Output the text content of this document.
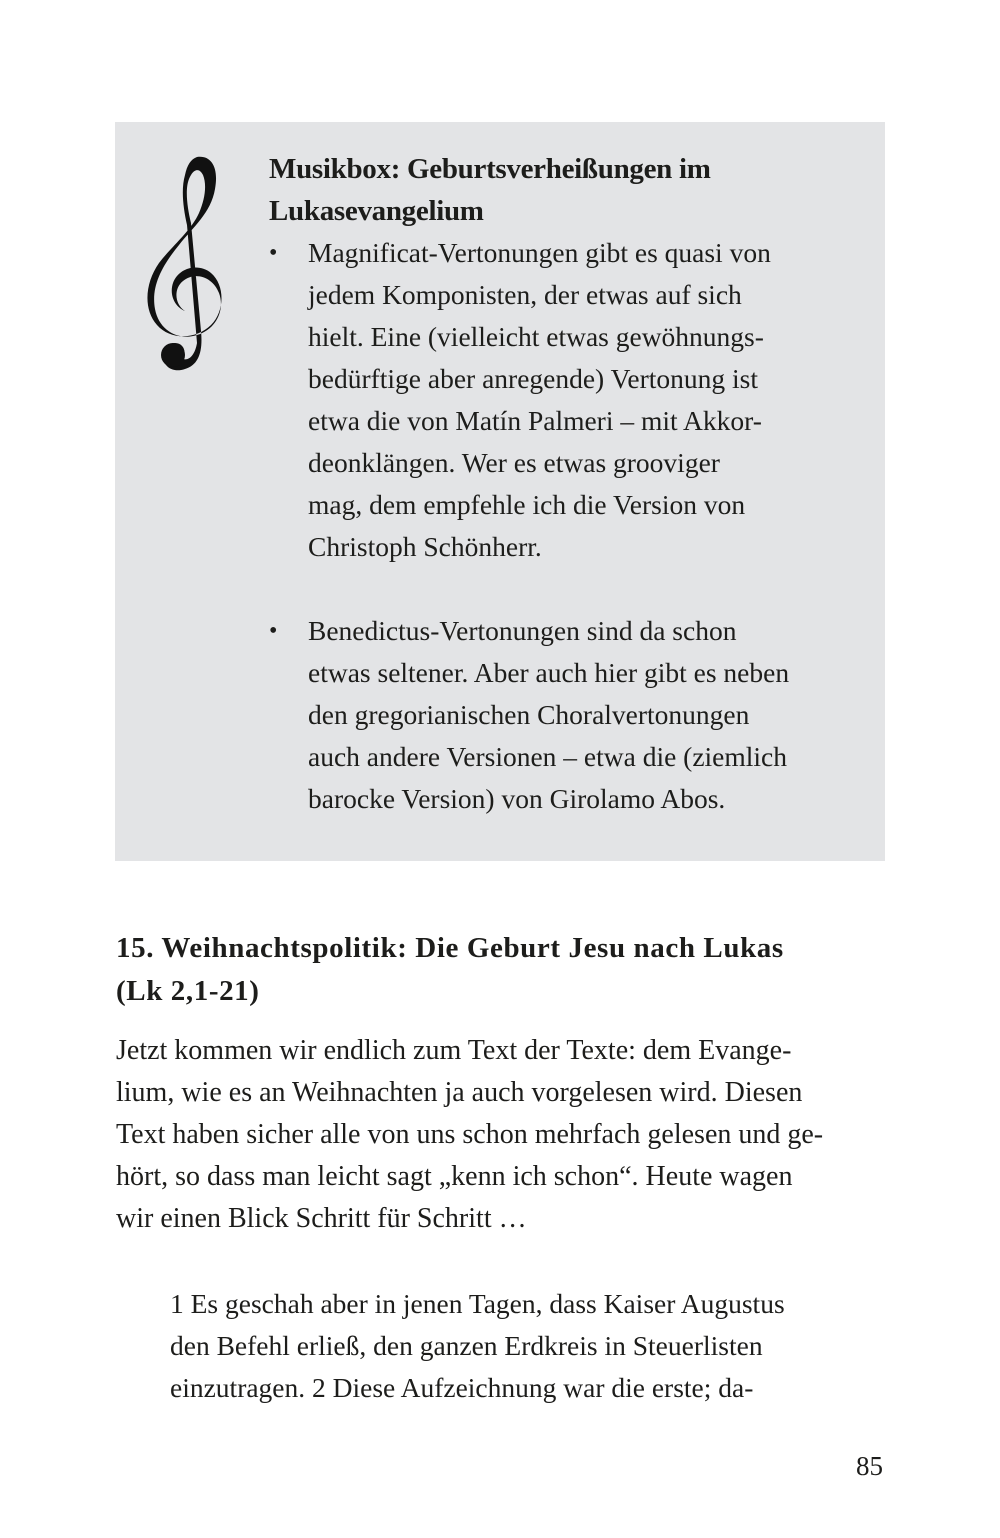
Musikbox: Geburtsverheißungen im
Lukasevangelium
• Magnificat-Vertonungen gibt es quasi von
jedem Komponisten, der etwas auf sich
hielt. Eine (vielleicht etwas gewöhnungs-
bedürftige aber anregende) Vertonung ist
etwa die von Matín Palmeri – mit Akkor-
deonklängen. Wer es etwas grooviger
mag, dem empfehle ich die Version von
Christoph Schönherr.
• Benedictus-Vertonungen sind da schon
etwas seltener. Aber auch hier gibt es neben
den gregorianischen Choralvertonungen
auch andere Versionen – etwa die (ziemlich
barocke Version) von Girolamo Abos.
15. Weihnachtspolitik: Die Geburt Jesu nach Lukas
(Lk 2,1-21)

Jetzt kommen wir endlich zum Text der Texte: dem Evange-
lium, wie es an Weihnachten ja auch vorgelesen wird. Diesen
Text haben sicher alle von uns schon mehrfach gelesen und ge-
hört, so dass man leicht sagt „kenn ich schon“. Heute wagen
wir einen Blick Schritt für Schritt …

1 Es geschah aber in jenen Tagen, dass Kaiser Augustus
den Befehl erließ, den ganzen Erdkreis in Steuerlisten
einzutragen. 2 Diese Aufzeichnung war die erste; da-
85
